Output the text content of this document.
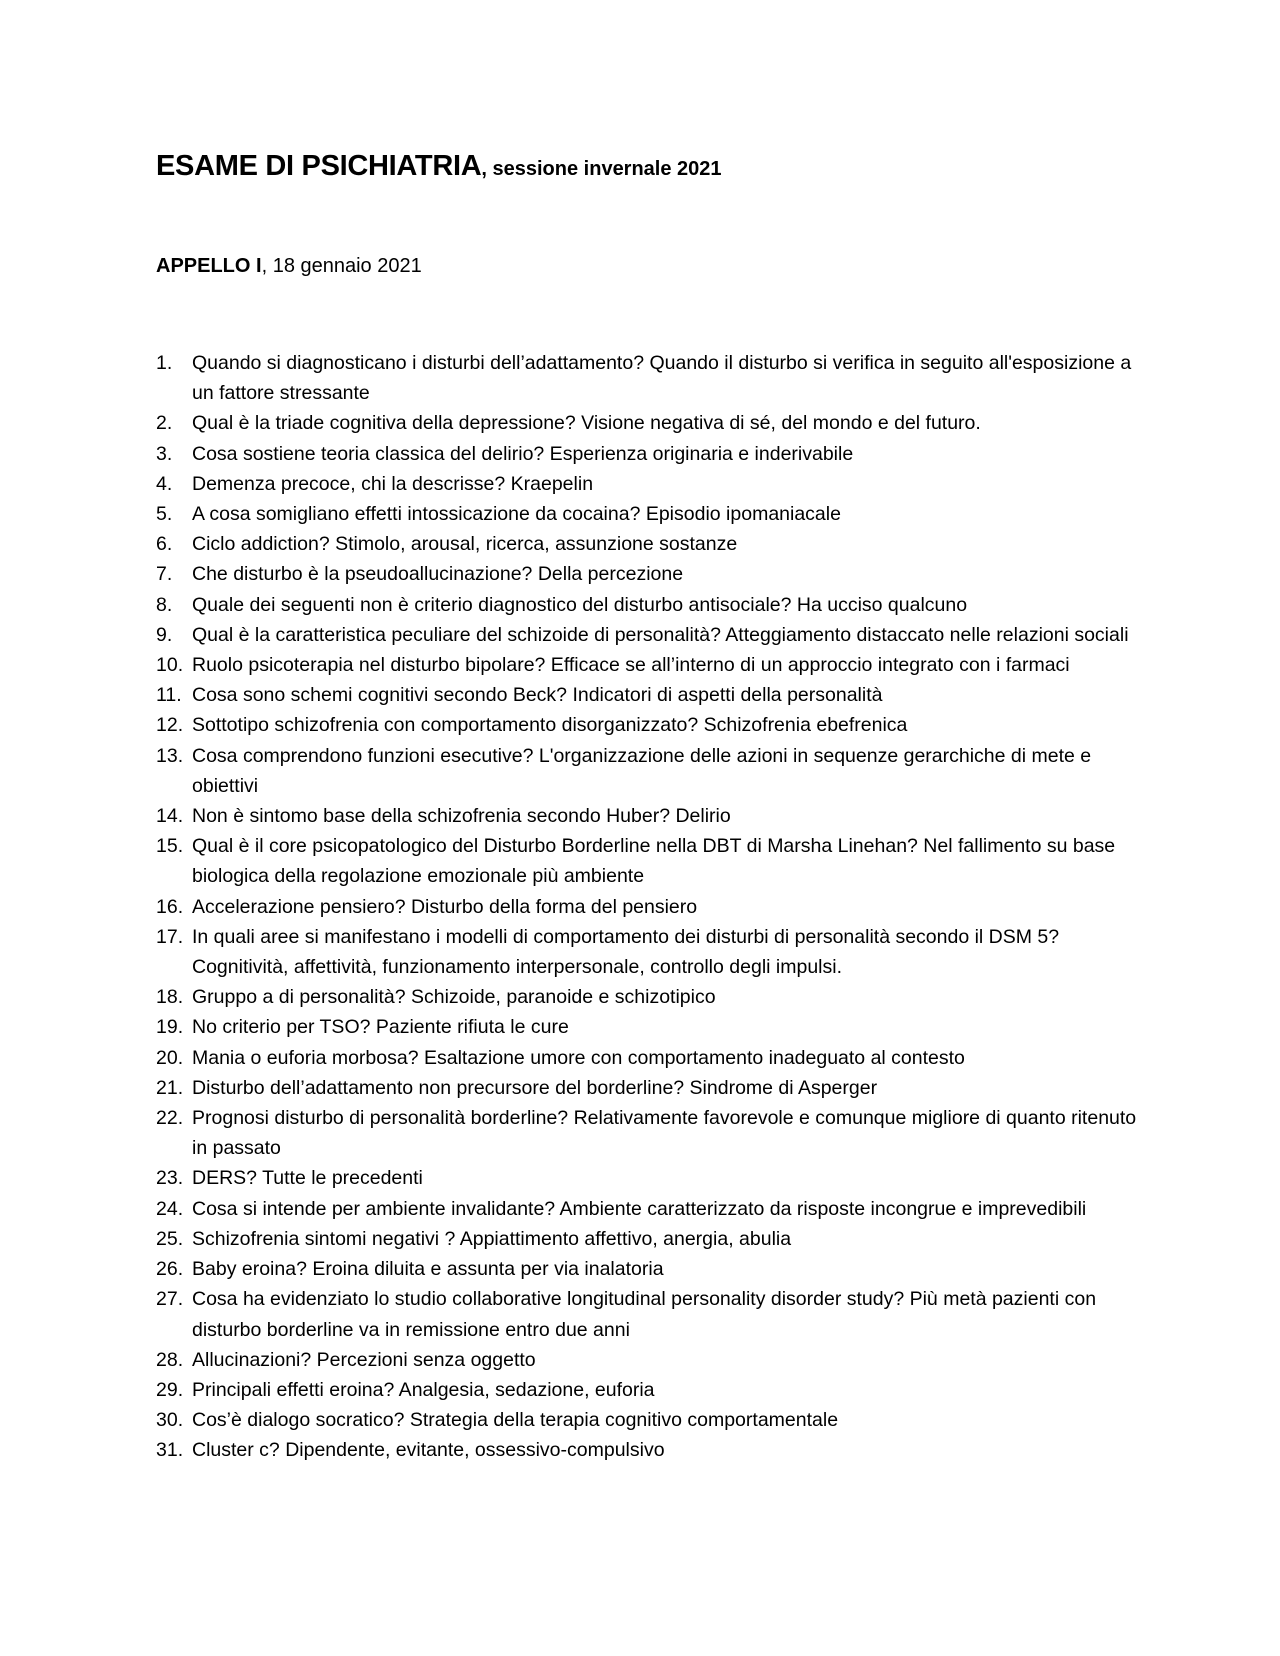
ESAME DI PSICHIATRIA, sessione invernale 2021
APPELLO I, 18 gennaio 2021
1. Quando si diagnosticano i disturbi dell’adattamento? Quando il disturbo si verifica in seguito all'esposizione a un fattore stressante
2. Qual è la triade cognitiva della depressione? Visione negativa di sé, del mondo e del futuro.
3. Cosa sostiene teoria classica del delirio? Esperienza originaria e inderivabile
4. Demenza precoce, chi la descrisse? Kraepelin
5. A cosa somigliano effetti intossicazione da cocaina? Episodio ipomaniacale
6. Ciclo addiction? Stimolo, arousal, ricerca, assunzione sostanze
7. Che disturbo è la pseudoallucinazione? Della percezione
8. Quale dei seguenti non è criterio diagnostico del disturbo antisociale? Ha ucciso qualcuno
9. Qual è la caratteristica peculiare del schizoide di personalità? Atteggiamento distaccato nelle relazioni sociali
10. Ruolo psicoterapia nel disturbo bipolare? Efficace se all’interno di un approccio integrato con i farmaci
11. Cosa sono schemi cognitivi secondo Beck? Indicatori di aspetti della personalità
12. Sottotipo schizofrenia con comportamento disorganizzato? Schizofrenia ebefrenica
13. Cosa comprendono funzioni esecutive? L'organizzazione delle azioni in sequenze gerarchiche di mete e obiettivi
14. Non è sintomo base della schizofrenia secondo Huber? Delirio
15. Qual è il core psicopatologico del Disturbo Borderline nella DBT di Marsha Linehan? Nel fallimento su base biologica della regolazione emozionale più ambiente
16. Accelerazione pensiero? Disturbo della forma del pensiero
17. In quali aree si manifestano i modelli di comportamento dei disturbi di personalità secondo il DSM 5? Cognitività, affettività, funzionamento interpersonale, controllo degli impulsi.
18. Gruppo a di personalità? Schizoide, paranoide e schizotipico
19. No criterio per TSO? Paziente rifiuta le cure
20. Mania o euforia morbosa? Esaltazione umore con comportamento inadeguato al contesto
21. Disturbo dell’adattamento non precursore del borderline? Sindrome di Asperger
22. Prognosi disturbo di personalità borderline? Relativamente favorevole e comunque migliore di quanto ritenuto in passato
23. DERS? Tutte le precedenti
24. Cosa si intende per ambiente invalidante? Ambiente caratterizzato da risposte incongrue e imprevedibili
25. Schizofrenia sintomi negativi ? Appiattimento affettivo, anergia, abulia
26. Baby eroina? Eroina diluita e assunta per via inalatoria
27. Cosa ha evidenziato lo studio collaborative longitudinal personality disorder study? Più metà pazienti con disturbo borderline va in remissione entro due anni
28. Allucinazioni? Percezioni senza oggetto
29. Principali effetti eroina? Analgesia, sedazione, euforia
30. Cos’è dialogo socratico? Strategia della terapia cognitivo comportamentale
31. Cluster c? Dipendente, evitante, ossessivo-compulsivo
